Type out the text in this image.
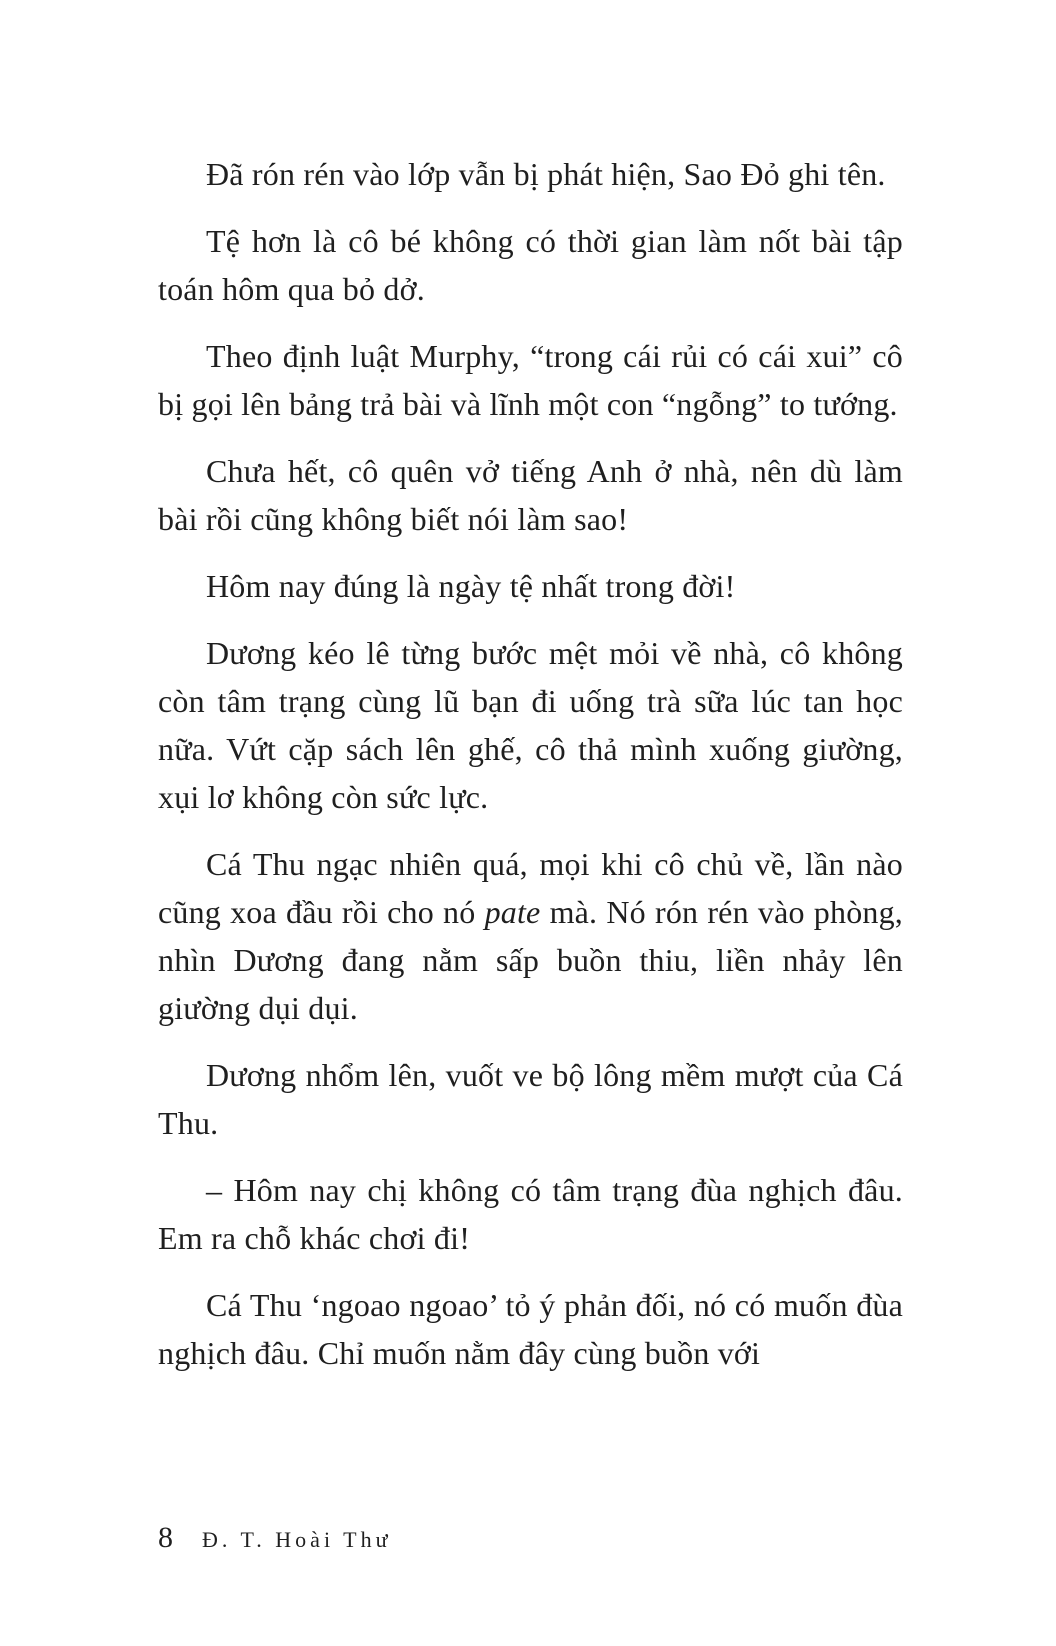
Đã rón rén vào lớp vẫn bị phát hiện, Sao Đỏ ghi tên.

Tệ hơn là cô bé không có thời gian làm nốt bài tập toán hôm qua bỏ dở.

Theo định luật Murphy, “trong cái rủi có cái xui” cô bị gọi lên bảng trả bài và lĩnh một con “ngỗng” to tướng.

Chưa hết, cô quên vở tiếng Anh ở nhà, nên dù làm bài rồi cũng không biết nói làm sao!

Hôm nay đúng là ngày tệ nhất trong đời!

Dương kéo lê từng bước mệt mỏi về nhà, cô không còn tâm trạng cùng lũ bạn đi uống trà sữa lúc tan học nữa. Vứt cặp sách lên ghế, cô thả mình xuống giường, xụi lơ không còn sức lực.

Cá Thu ngạc nhiên quá, mọi khi cô chủ về, lần nào cũng xoa đầu rồi cho nó pate mà. Nó rón rén vào phòng, nhìn Dương đang nằm sấp buồn thiu, liền nhảy lên giường dụi dụi.

Dương nhổm lên, vuốt ve bộ lông mềm mượt của Cá Thu.

– Hôm nay chị không có tâm trạng đùa nghịch đâu. Em ra chỗ khác chơi đi!

Cá Thu ‘ngoao ngoao’ tỏ ý phản đối, nó có muốn đùa nghịch đâu. Chỉ muốn nằm đây cùng buồn với

8 Đ. T. Hoài Thư
